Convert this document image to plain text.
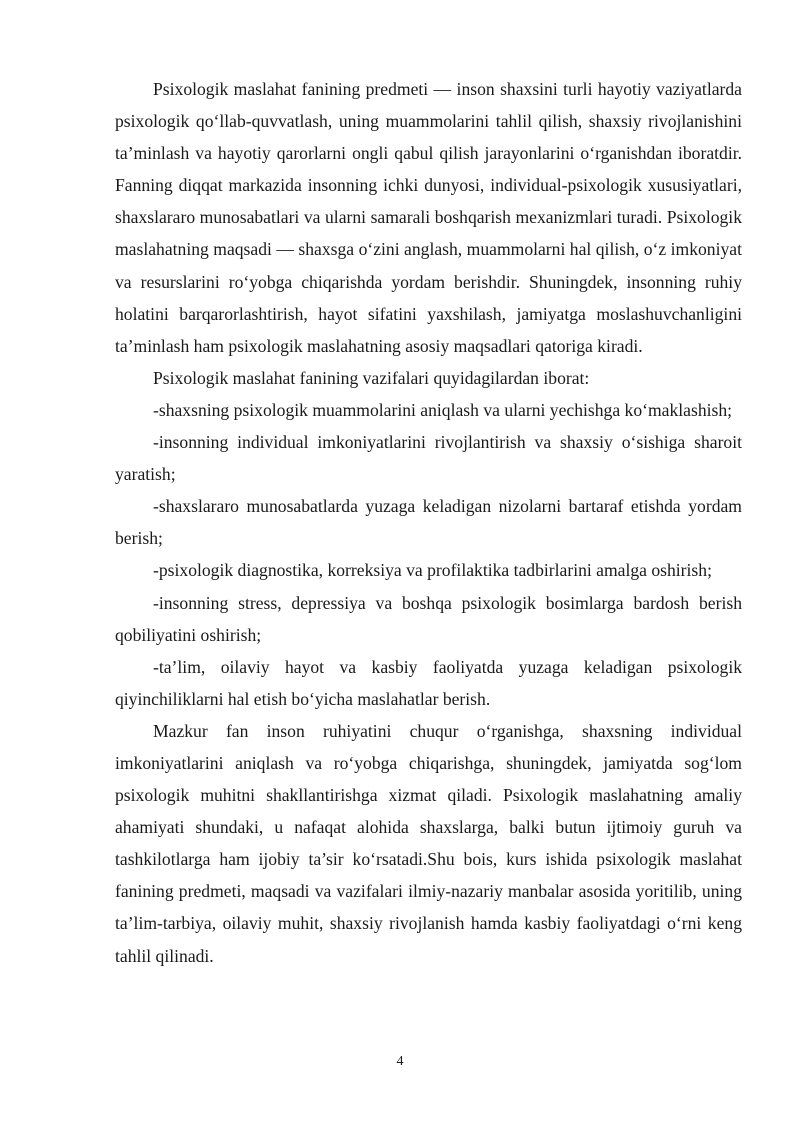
Psixologik maslahat fanining predmeti — inson shaxsini turli hayotiy vaziyatlarda psixologik qo‘llab-quvvatlash, uning muammolarini tahlil qilish, shaxsiy rivojlanishini ta’minlash va hayotiy qarorlarni ongli qabul qilish jarayonlarini o‘rganishdan iboratdir. Fanning diqqat markazida insonning ichki dunyosi, individual-psixologik xususiyatlari, shaxslararo munosabatlari va ularni samarali boshqarish mexanizmlari turadi. Psixologik maslahatning maqsadi — shaxsga o‘zini anglash, muammolarni hal qilish, o‘z imkoniyat va resurslarini ro‘yobga chiqarishda yordam berishdir. Shuningdek, insonning ruhiy holatini barqarorlashtirish, hayot sifatini yaxshilash, jamiyatga moslashuvchanligini ta’minlash ham psixologik maslahatning asosiy maqsadlari qatoriga kiradi.

Psixologik maslahat fanining vazifalari quyidagilardan iborat:

-shaxsning psixologik muammolarini aniqlash va ularni yechishga ko‘maklashish;

-insonning individual imkoniyatlarini rivojlantirish va shaxsiy o‘sishiga sharoit yaratish;

-shaxslararo munosabatlarda yuzaga keladigan nizolarni bartaraf etishda yordam berish;

-psixologik diagnostika, korreksiya va profilaktika tadbirlarini amalga oshirish;

-insonning stress, depressiya va boshqa psixologik bosimlarga bardosh berish qobiliyatini oshirish;

-ta’lim, oilaviy hayot va kasbiy faoliyatda yuzaga keladigan psixologik qiyinchiliklarni hal etish bo‘yicha maslahatlar berish.

Mazkur fan inson ruhiyatini chuqur o‘rganishga, shaxsning individual imkoniyatlarini aniqlash va ro‘yobga chiqarishga, shuningdek, jamiyatda sog‘lom psixologik muhitni shakllantirishga xizmat qiladi. Psixologik maslahatning amaliy ahamiyati shundaki, u nafaqat alohida shaxslarga, balki butun ijtimoiy guruh va tashkilotlarga ham ijobiy ta’sir ko‘rsatadi.Shu bois, kurs ishida psixologik maslahat fanining predmeti, maqsadi va vazifalari ilmiy-nazariy manbalar asosida yoritilib, uning ta’lim-tarbiya, oilaviy muhit, shaxsiy rivojlanish hamda kasbiy faoliyatdagi o‘rni keng tahlil qilinadi.

4
